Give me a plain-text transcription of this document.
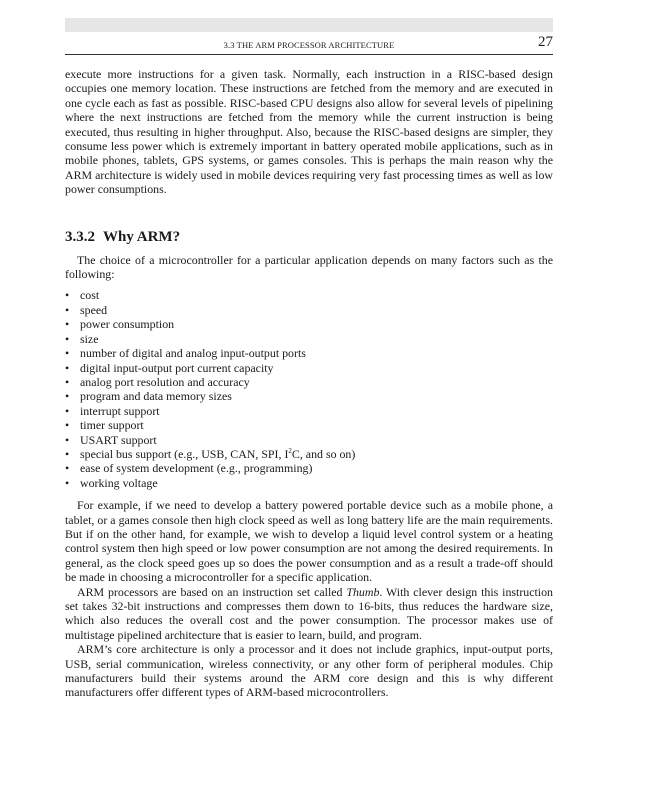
3.3 THE ARM PROCESSOR ARCHITECTURE	27

execute more instructions for a given task. Normally, each instruction in a RISC-based design occupies one memory location. These instructions are fetched from the memory and are executed in one cycle each as fast as possible. RISC-based CPU designs also allow for several levels of pipelining where the next instructions are fetched from the memory while the current instruction is being executed, thus resulting in higher throughput. Also, because the RISC-based designs are simpler, they consume less power which is extremely important in battery operated mobile applications, such as in mobile phones, tablets, GPS systems, or games consoles. This is perhaps the main reason why the ARM architecture is widely used in mobile devices requiring very fast processing times as well as low power consumptions.

3.3.2 Why ARM?

The choice of a microcontroller for a particular application depends on many factors such as the following:

• cost
• speed
• power consumption
• size
• number of digital and analog input-output ports
• digital input-output port current capacity
• analog port resolution and accuracy
• program and data memory sizes
• interrupt support
• timer support
• USART support
• special bus support (e.g., USB, CAN, SPI, $I^2C$, and so on)
• ease of system development (e.g., programming)
• working voltage

For example, if we need to develop a battery powered portable device such as a mobile phone, a tablet, or a games console then high clock speed as well as long battery life are the main requirements. But if on the other hand, for example, we wish to develop a liquid level control system or a heating control system then high speed or low power consumption are not among the desired requirements. In general, as the clock speed goes up so does the power consumption and as a result a trade-off should be made in choosing a microcontroller for a specific application.

ARM processors are based on an instruction set called Thumb. With clever design this instruction set takes 32-bit instructions and compresses them down to 16-bits, thus reduces the hardware size, which also reduces the overall cost and the power consumption. The processor makes use of multistage pipelined architecture that is easier to learn, build, and program.

ARM’s core architecture is only a processor and it does not include graphics, input-output ports, USB, serial communication, wireless connectivity, or any other form of peripheral modules. Chip manufacturers build their systems around the ARM core design and this is why different manufacturers offer different types of ARM-based microcontrollers.
